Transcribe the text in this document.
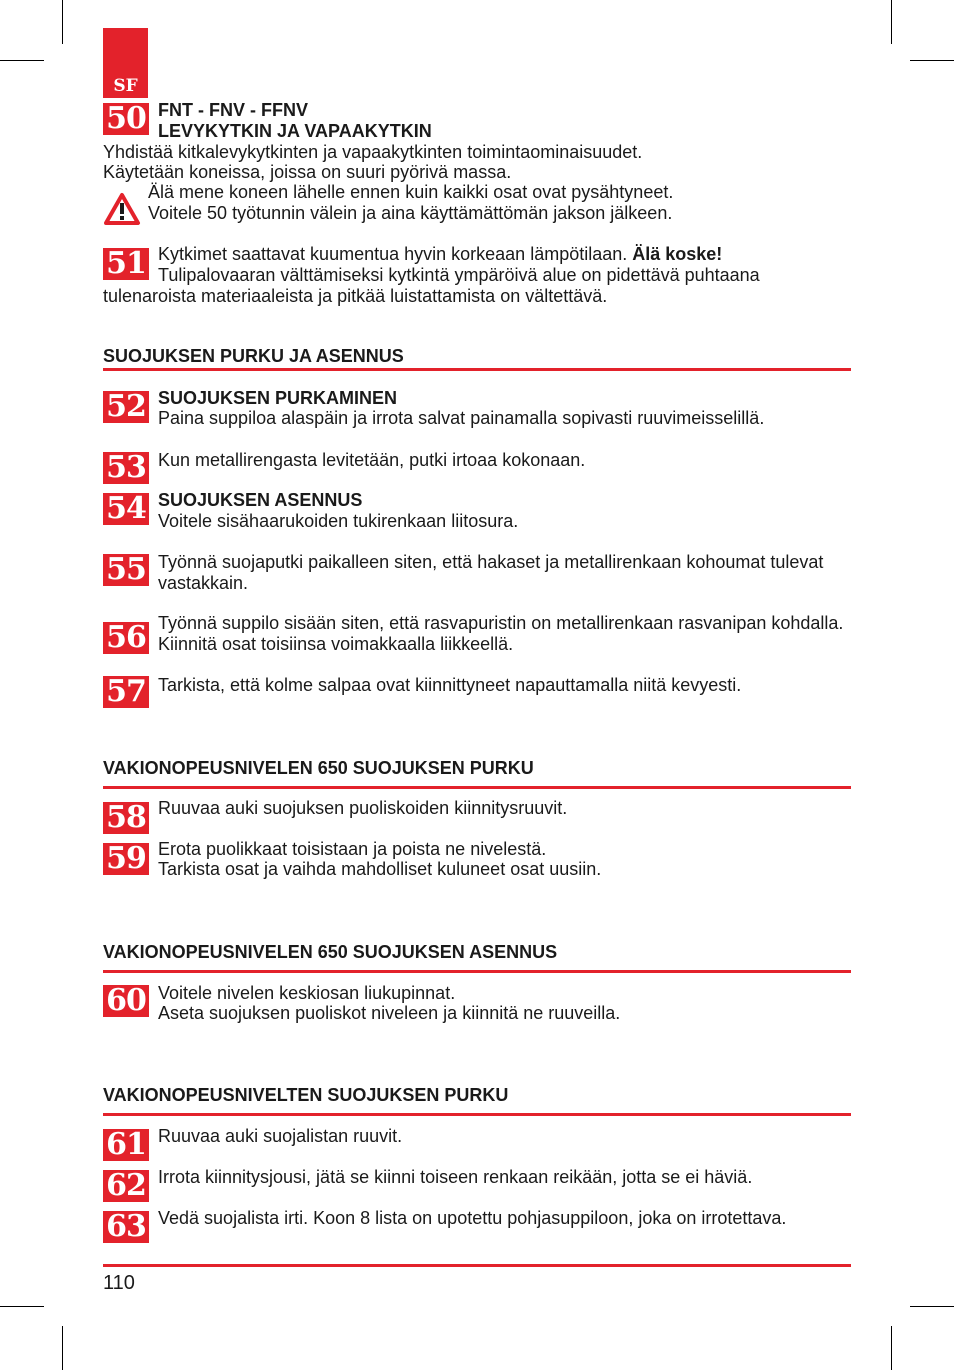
SF
50 FNT - FNV - FFNV
LEVYKYTKIN JA VAPAAKYTKIN
Yhdistää kitkalevykytkinten ja vapaakytkinten toimintaominaisuudet.
Käytetään koneissa, joissa on suuri pyörivä massa.
Älä mene koneen lähelle ennen kuin kaikki osat ovat pysähtyneet.
Voitele 50 työtunnin välein ja aina käyttämättömän jakson jälkeen.
51 Kytkimet saattavat kuumentua hyvin korkeaan lämpötilaan. Älä koske!
Tulipalovaaran välttämiseksi kytkintä ympäröivä alue on pidettävä puhtaana
tulenaroista materiaaleista ja pitkää luistattamista on vältettävä.
SUOJUKSEN PURKU JA ASENNUS
52 SUOJUKSEN PURKAMINEN
Paina suppiloa alaspäin ja irrota salvat painamalla sopivasti ruuvimeisselillä.
53 Kun metallirengasta levitetään, putki irtoaa kokonaan.
54 SUOJUKSEN ASENNUS
Voitele sisähaarukoiden tukirenkaan liitosura.
55 Työnnä suojaputki paikalleen siten, että hakaset ja metallirenkaan kohoumat tulevat vastakkain.
56 Työnnä suppilo sisään siten, että rasvapuristin on metallirenkaan rasvanipan kohdalla. Kiinnitä osat toisiinsa voimakkaalla liikkeellä.
57 Tarkista, että kolme salpaa ovat kiinnittyneet napauttamalla niitä kevyesti.
VAKIONOPEUSNIVELEN 650 SUOJUKSEN PURKU
58 Ruuvaa auki suojuksen puoliskoiden kiinnitysruuvit.
59 Erota puolikkaat toisistaan ja poista ne nivelestä.
Tarkista osat ja vaihda mahdolliset kuluneet osat uusiin.
VAKIONOPEUSNIVELEN 650 SUOJUKSEN ASENNUS
60 Voitele nivelen keskiosan liukupinnat.
Aseta suojuksen puoliskot niveleen ja kiinnitä ne ruuveilla.
VAKIONOPEUSNIVELTEN SUOJUKSEN PURKU
61 Ruuvaa auki suojalistan ruuvit.
62 Irrota kiinnitysjousi, jätä se kiinni toiseen renkaan reikään, jotta se ei häviä.
63 Vedä suojalista irti. Koon 8 lista on upotettu pohjasuppiloon, joka on irrotettava.
110
